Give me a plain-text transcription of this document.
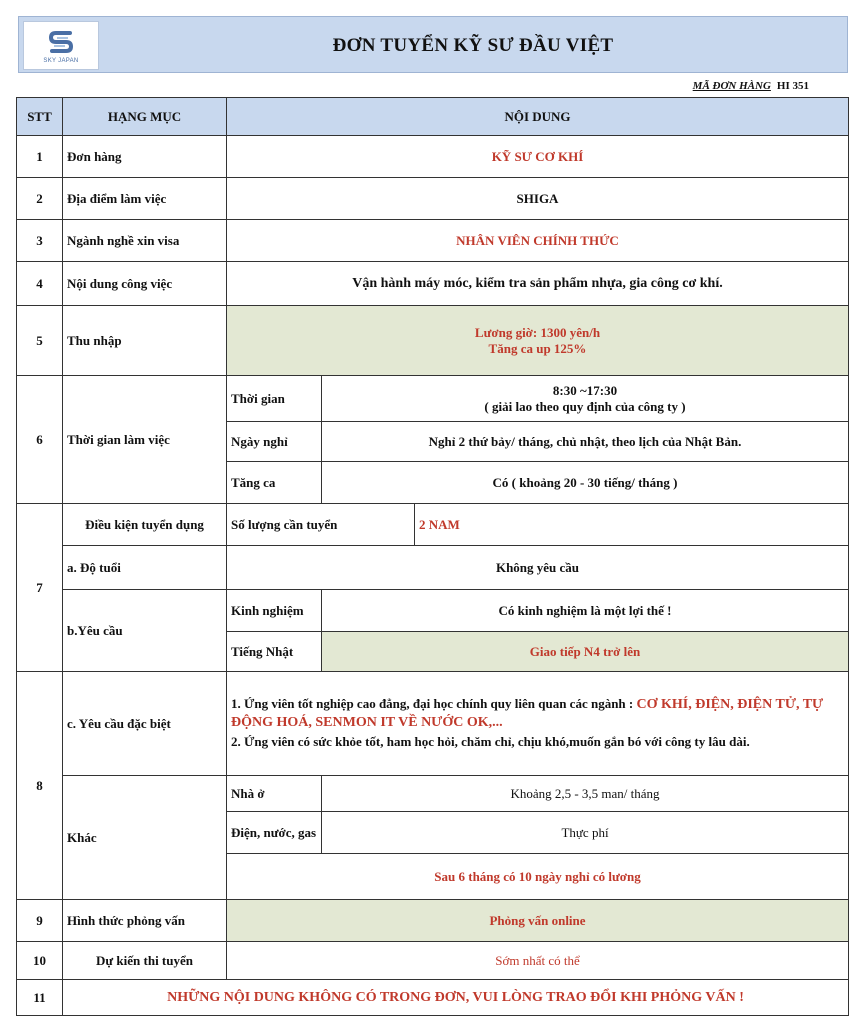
SKY JAPAN
ĐƠN TUYỂN KỸ SƯ ĐẦU VIỆT
MÃ ĐƠN HÀNG HI 351
STT	HẠNG MỤC	NỘI DUNG		
1	Đơn hàng	KỸ SƯ CƠ KHÍ		
2	Địa điểm làm việc	SHIGA		
3	Ngành nghề xin visa	NHÂN VIÊN CHÍNH THỨC		
4	Nội dung công việc	Vận hành máy móc, kiểm tra sản phẩm nhựa, gia công cơ khí.		
5	Thu nhập	Lương giờ: 1300 yên/h
Tăng ca up 125%		

6	Thời gian làm việc	Thời gian	8:30 ~17:30
( giải lao theo quy định của công ty )	

		Ngày nghỉ	Nghỉ 2 thứ bảy/ tháng, chủ nhật, theo lịch của Nhật Bản.	
		Tăng ca	Có ( khoảng 20 - 30 tiếng/ tháng )	
7	Điều kiện tuyển dụng	Số lượng cần tuyển		2 NAM
	a. Độ tuổi	Không yêu cầu		
	b.Yêu cầu	Kinh nghiệm	Có kinh nghiệm là một lợi thế !	
		Tiếng Nhật	Giao tiếp N4 trở lên	
8	c. Yêu cầu đặc biệt	1. Ứng viên tốt nghiệp cao đẳng, đại học chính quy liên quan các ngành : CƠ KHÍ, ĐIỆN, ĐIỆN TỬ, TỰ ĐỘNG HOÁ, SENMON IT VỀ NƯỚC OK,...
2. Ứng viên có sức khỏe tốt, ham học hỏi, chăm chỉ, chịu khó,muốn gắn bó với công ty lâu dài.		

	Khác	Nhà ở	Khoảng 2,5 - 3,5 man/ tháng	
		Điện, nước, gas	Thực phí	
		Sau 6 tháng có 10 ngày nghỉ có lương		
9	Hình thức phỏng vấn	Phỏng vấn online		
10	Dự kiến thi tuyển	Sớm nhất có thể		
11	NHỮNG NỘI DUNG KHÔNG CÓ TRONG ĐƠN, VUI LÒNG TRAO ĐỔI KHI PHỎNG VẤN !			
